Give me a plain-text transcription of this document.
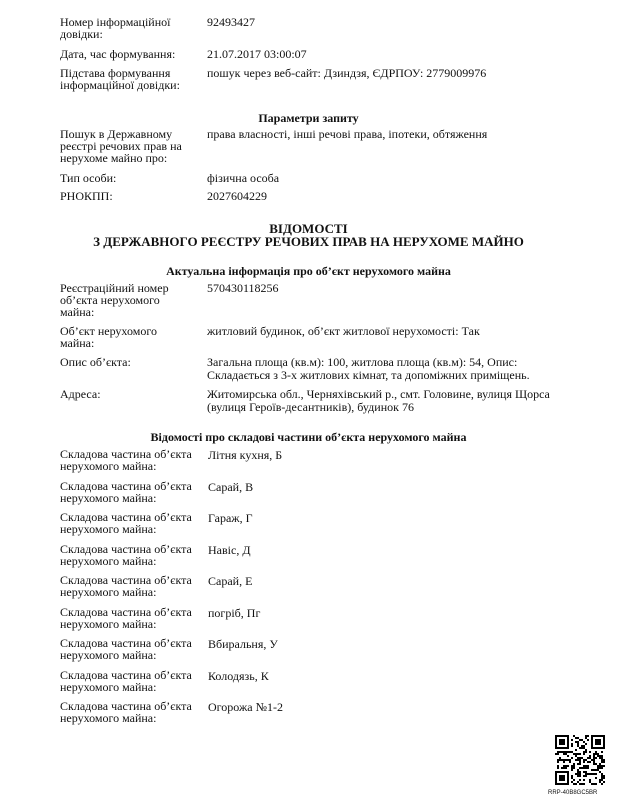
Номер інформаційної
довідки:
92493427
Дата, час формування:	21.07.2017 03:00:07
Підстава формування
інформаційної довідки:
пошук через веб-сайт: Дзиндзя, ЄДРПОУ: 2779009976
Параметри запиту
Пошук в Державному
реєстрі речових прав на
нерухоме майно про:
права власності, інші речові права, іпотеки, обтяження
Тип особи:	фізична особа
РНОКПП:	2027604229
ВІДОМОСТІ
З ДЕРЖАВНОГО РЕЄСТРУ РЕЧОВИХ ПРАВ НА НЕРУХОМЕ МАЙНО
Актуальна інформація про об’єкт нерухомого майна
Реєстраційний номер
об’єкта нерухомого
майна:
570430118256
Об’єкт нерухомого
майна:
житловий будинок, об’єкт житлової нерухомості: Так
Опис об’єкта:	Загальна площа (кв.м): 100, житлова площа (кв.м): 54, Опис:
Складається з 3-х житлових кімнат, та допоміжних приміщень.
Адреса:	Житомирська обл., Черняхівський р., смт. Головине, вулиця Щорса
(вулиця Героїв-десантників), будинок 76
Відомості про складові частини об’єкта нерухомого майна
Складова частина об’єкта
нерухомого майна:
Літня кухня, Б
Складова частина об’єкта
нерухомого майна:
Сарай, В
Складова частина об’єкта
нерухомого майна:
Гараж, Г
Складова частина об’єкта
нерухомого майна:
Навіс, Д
Складова частина об’єкта
нерухомого майна:
Сарай, Е
Складова частина об’єкта
нерухомого майна:
погріб, Пг
Складова частина об’єкта
нерухомого майна:
Вбиральня, У
Складова частина об’єкта
нерухомого майна:
Колодязь, К
Складова частина об’єкта
нерухомого майна:
Огорожа №1-2
RRP-40B8GC5BR
